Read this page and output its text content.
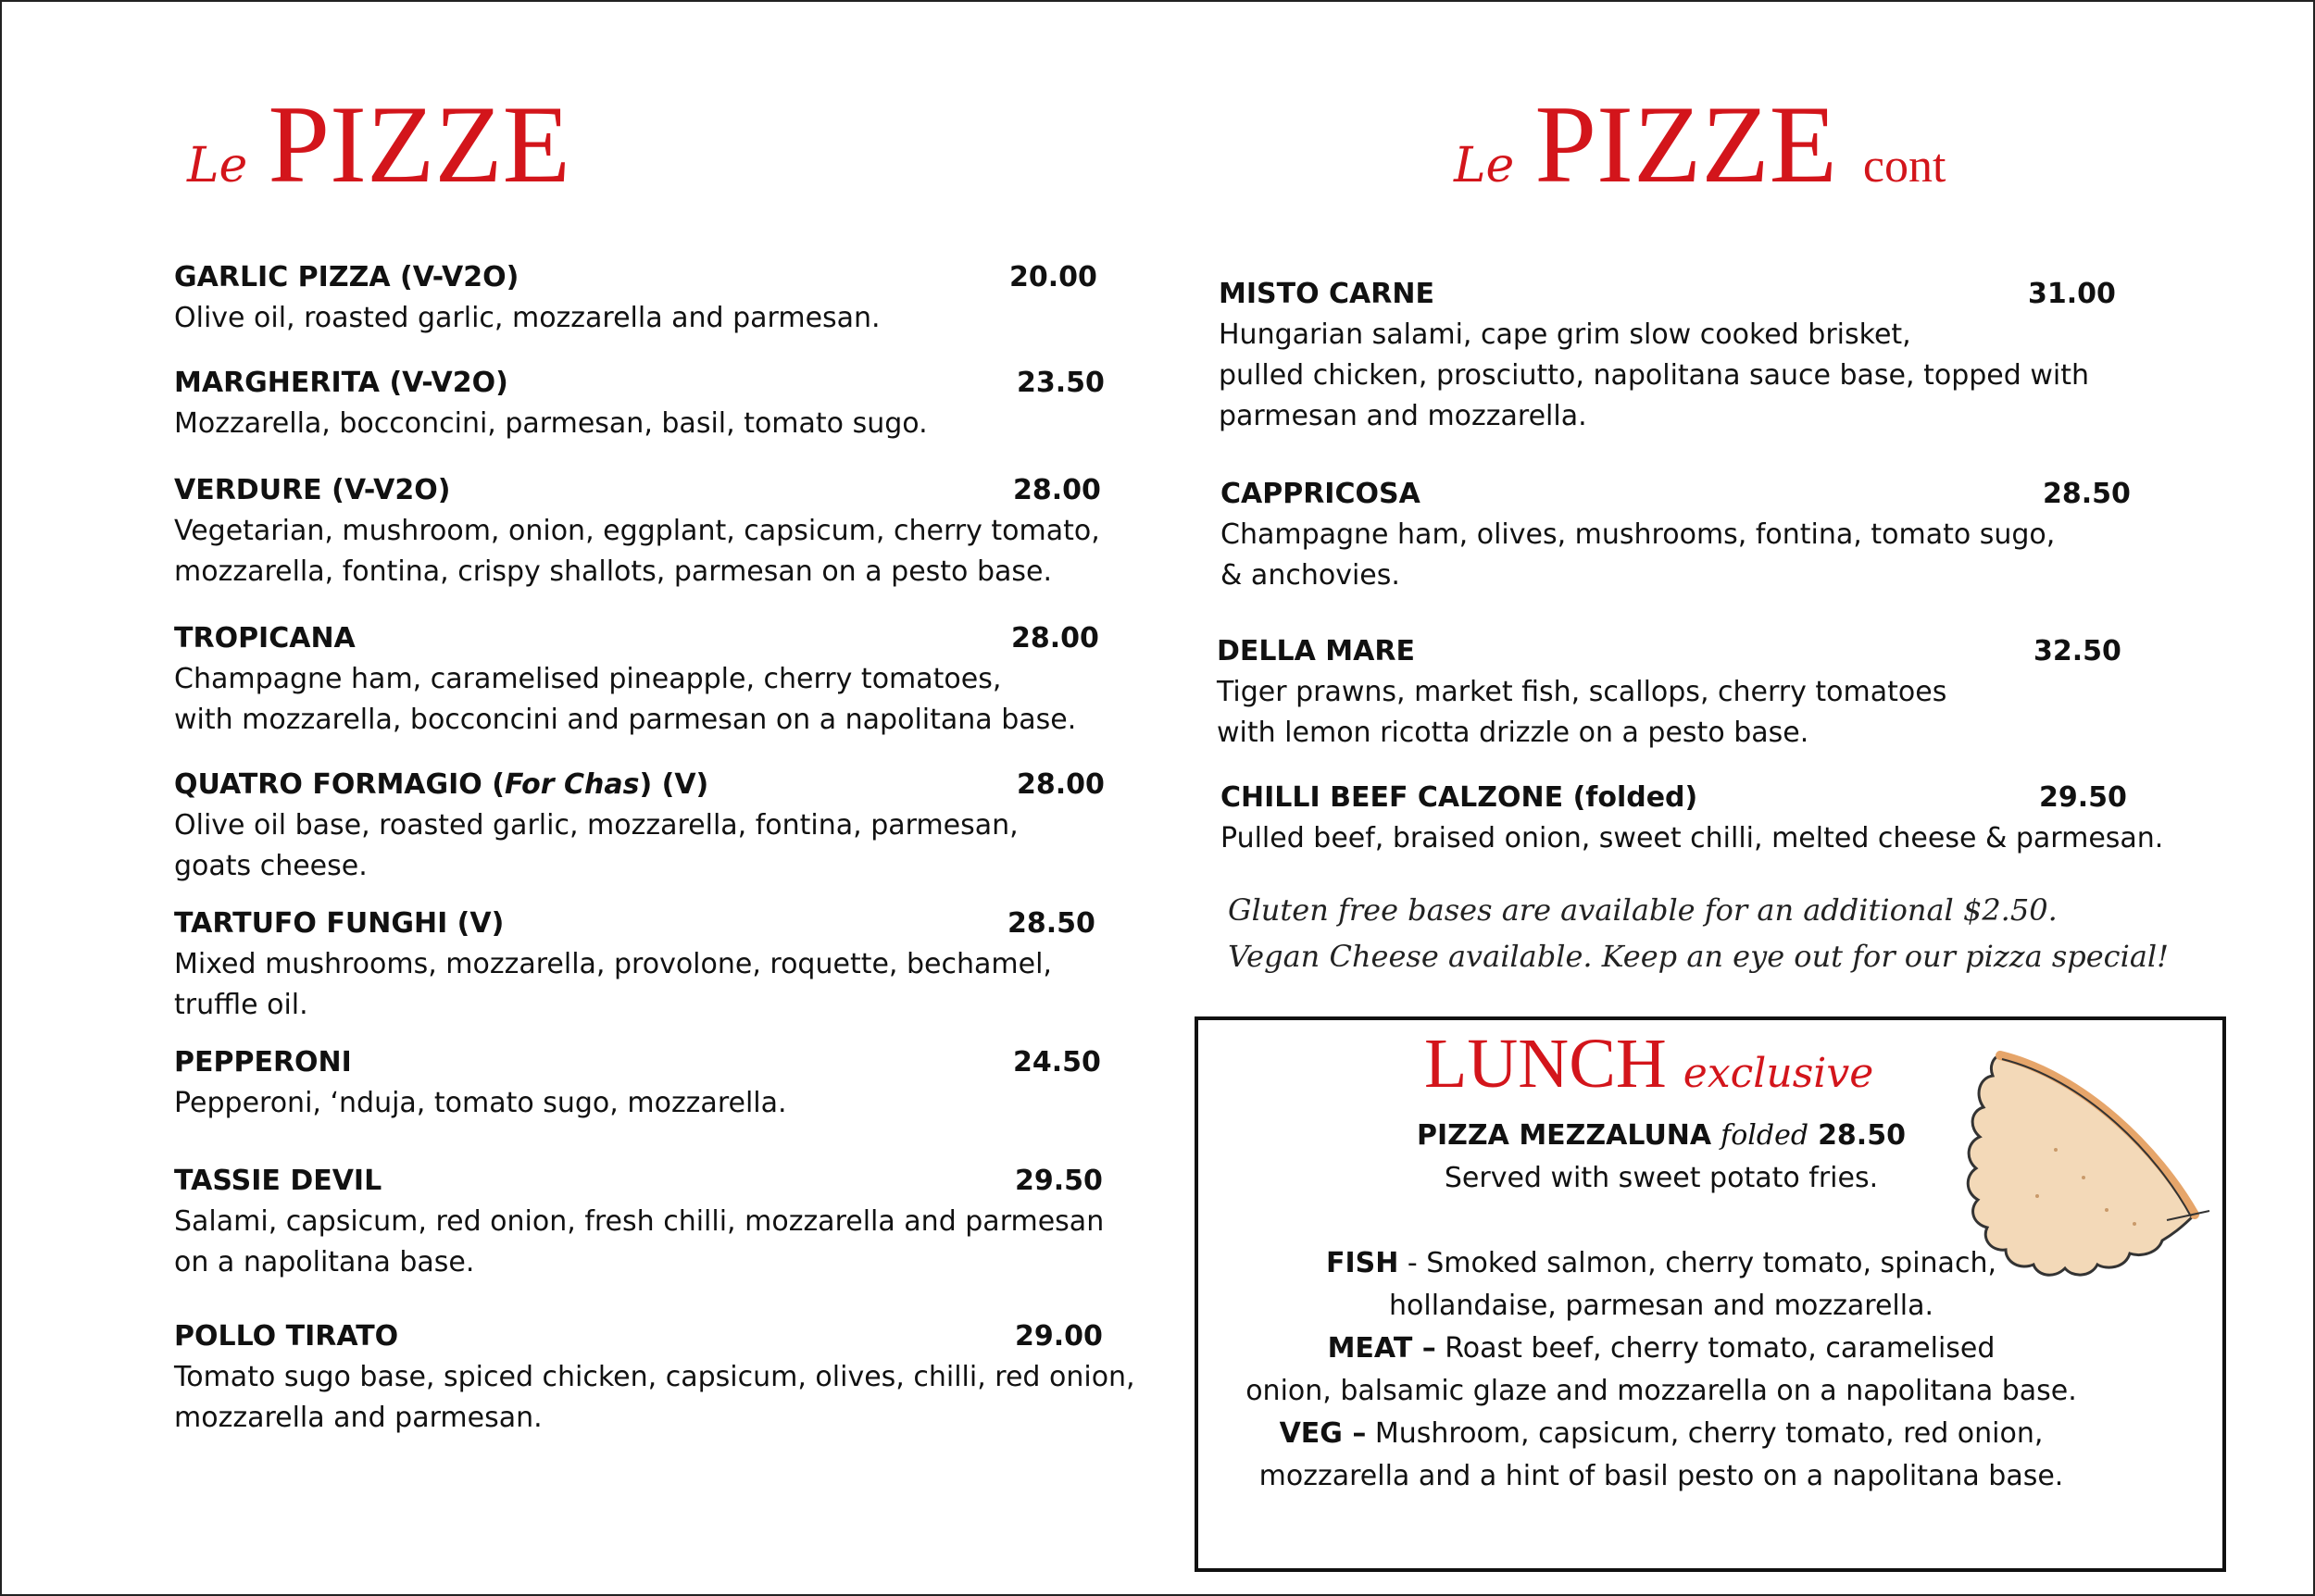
Le PIZZE	Le PIZZE cont
GARLIC PIZZA (V-V2O)	20.00
Olive oil, roasted garlic, mozzarella and parmesan.
MARGHERITA (V-V2O)	23.50
Mozzarella, bocconcini, parmesan, basil, tomato sugo.
VERDURE (V-V2O)	28.00
Vegetarian, mushroom, onion, eggplant, capsicum, cherry tomato,
mozzarella, fontina, crispy shallots, parmesan on a pesto base.
TROPICANA	28.00
Champagne ham, caramelised pineapple, cherry tomatoes,
with mozzarella, bocconcini and parmesan on a napolitana base.
QUATRO FORMAGIO (For Chas) (V)	28.00
Olive oil base, roasted garlic, mozzarella, fontina, parmesan,
goats cheese.
TARTUFO FUNGHI (V)	28.50
Mixed mushrooms, mozzarella, provolone, roquette, bechamel,
truffle oil.
PEPPERONI	24.50
Pepperoni, ‘nduja, tomato sugo, mozzarella.
TASSIE DEVIL	29.50
Salami, capsicum, red onion, fresh chilli, mozzarella and parmesan
on a napolitana base.
POLLO TIRATO	29.00
Tomato sugo base, spiced chicken, capsicum, olives, chilli, red onion,
mozzarella and parmesan.
MISTO CARNE	31.00
Hungarian salami, cape grim slow cooked brisket,
pulled chicken, prosciutto, napolitana sauce base, topped with
parmesan and mozzarella.
CAPPRICOSA	28.50
Champagne ham, olives, mushrooms, fontina, tomato sugo,
& anchovies.
DELLA MARE	32.50
Tiger prawns, market fish, scallops, cherry tomatoes
with lemon ricotta drizzle on a pesto base.
CHILLI BEEF CALZONE (folded)	29.50
Pulled beef, braised onion, sweet chilli, melted cheese & parmesan.
Gluten free bases are available for an additional $2.50.
Vegan Cheese available. Keep an eye out for our pizza special!
LUNCH exclusive
PIZZA MEZZALUNA folded 28.50
Served with sweet potato fries.
FISH - Smoked salmon, cherry tomato, spinach,
hollandaise, parmesan and mozzarella.
MEAT – Roast beef, cherry tomato, caramelised
onion, balsamic glaze and mozzarella on a napolitana base.
VEG – Mushroom, capsicum, cherry tomato, red onion,
mozzarella and a hint of basil pesto on a napolitana base.
